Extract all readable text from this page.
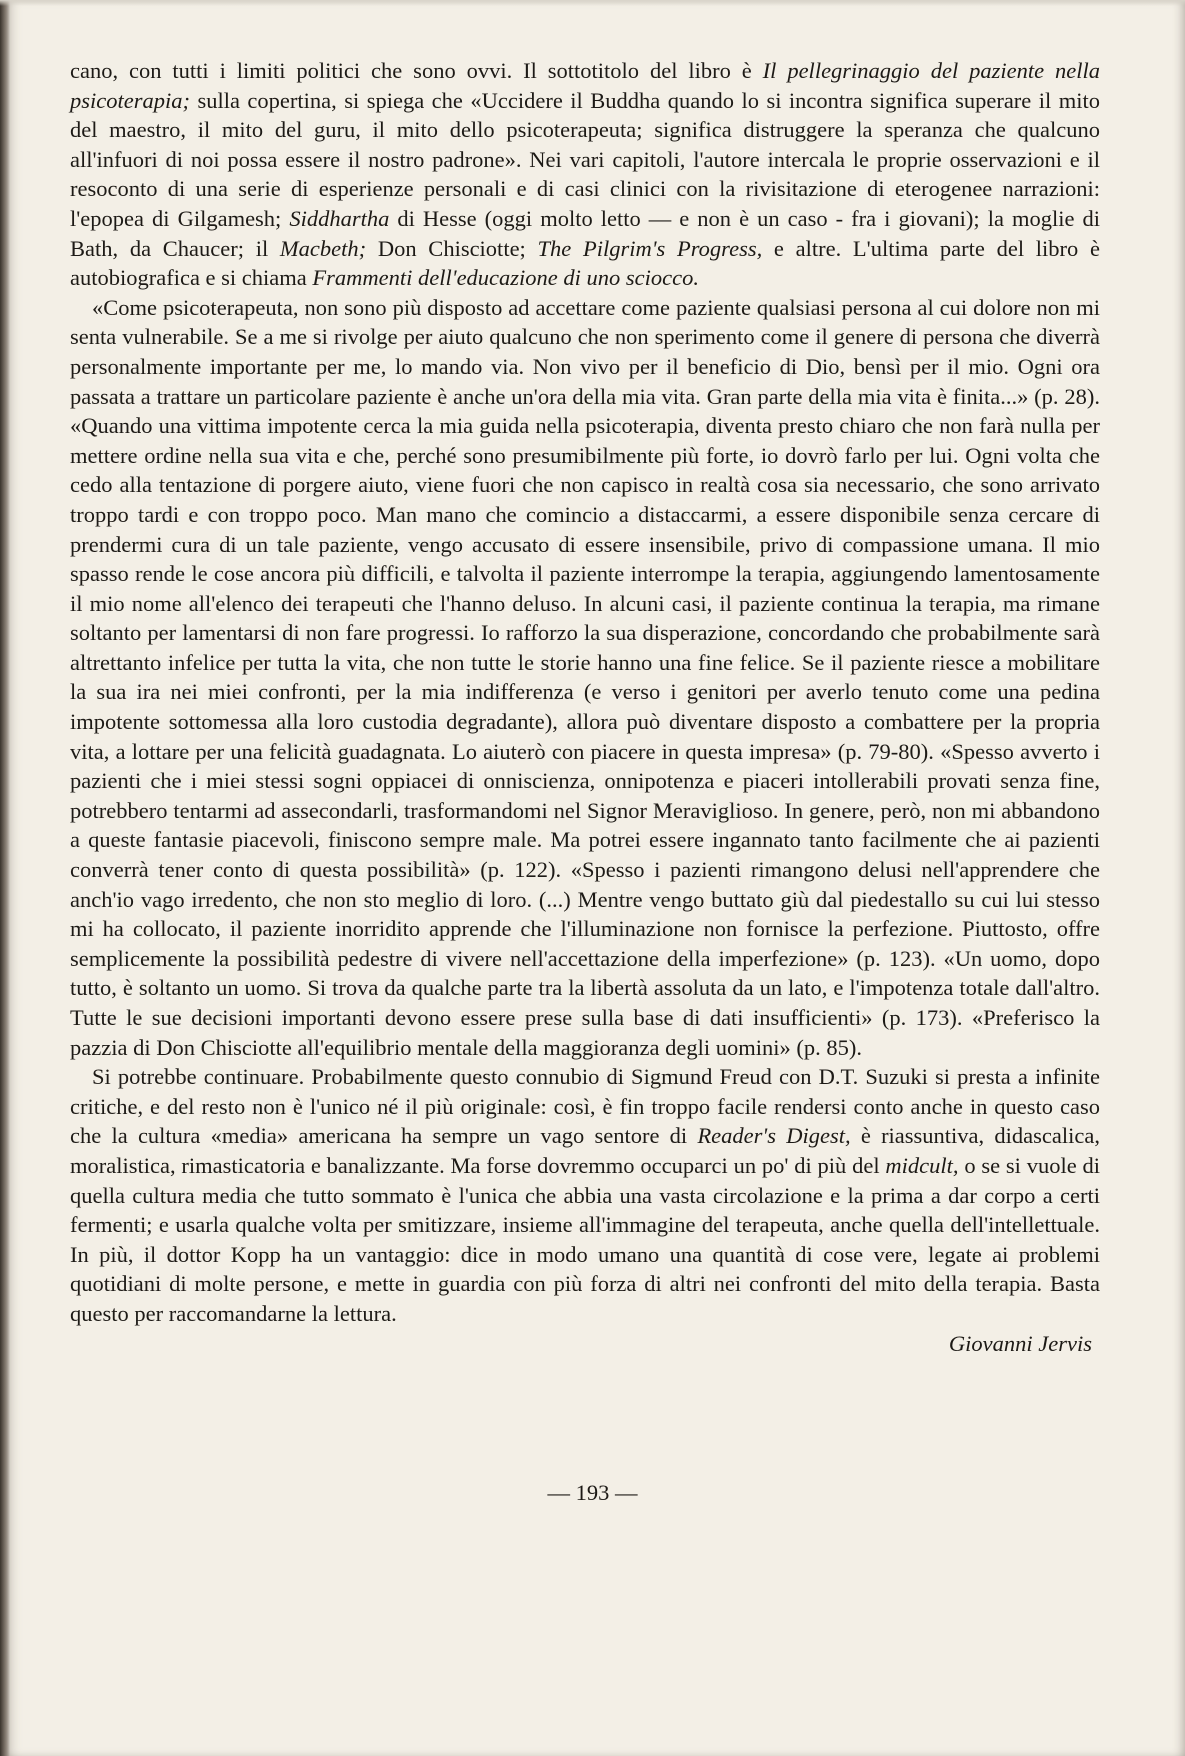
cano, con tutti i limiti politici che sono ovvi. Il sottotitolo del libro è Il pellegrinaggio del paziente nella psicoterapia; sulla copertina, si spiega che «Uccidere il Buddha quando lo si incontra significa superare il mito del maestro, il mito del guru, il mito dello psicoterapeuta; significa distruggere la speranza che qualcuno all'infuori di noi possa essere il nostro padrone». Nei vari capitoli, l'autore intercala le proprie osservazioni e il resoconto di una serie di esperienze personali e di casi clinici con la rivisitazione di eterogenee narrazioni: l'epopea di Gilgamesh; Siddhartha di Hesse (oggi molto letto — e non è un caso - fra i giovani); la moglie di Bath, da Chaucer; il Macbeth; Don Chisciotte; The Pilgrim's Progress, e altre. L'ultima parte del libro è autobiografica e si chiama Frammenti dell'educazione di uno sciocco.

«Come psicoterapeuta, non sono più disposto ad accettare come paziente qualsiasi persona al cui dolore non mi senta vulnerabile. Se a me si rivolge per aiuto qualcuno che non sperimento come il genere di persona che diverrà personalmente importante per me, lo mando via. Non vivo per il beneficio di Dio, bensì per il mio. Ogni ora passata a trattare un particolare paziente è anche un'ora della mia vita. Gran parte della mia vita è finita...» (p. 28). «Quando una vittima impotente cerca la mia guida nella psicoterapia, diventa presto chiaro che non farà nulla per mettere ordine nella sua vita e che, perché sono presumibilmente più forte, io dovrò farlo per lui. Ogni volta che cedo alla tentazione di porgere aiuto, viene fuori che non capisco in realtà cosa sia necessario, che sono arrivato troppo tardi e con troppo poco. Man mano che comincio a distaccarmi, a essere disponibile senza cercare di prendermi cura di un tale paziente, vengo accusato di essere insensibile, privo di compassione umana. Il mio spasso rende le cose ancora più difficili, e talvolta il paziente interrompe la terapia, aggiungendo lamentosamente il mio nome all'elenco dei terapeuti che l'hanno deluso. In alcuni casi, il paziente continua la terapia, ma rimane soltanto per lamentarsi di non fare progressi. Io rafforzo la sua disperazione, concordando che probabilmente sarà altrettanto infelice per tutta la vita, che non tutte le storie hanno una fine felice. Se il paziente riesce a mobilitare la sua ira nei miei confronti, per la mia indifferenza (e verso i genitori per averlo tenuto come una pedina impotente sottomessa alla loro custodia degradante), allora può diventare disposto a combattere per la propria vita, a lottare per una felicità guadagnata. Lo aiuterò con piacere in questa impresa» (p. 79-80). «Spesso avverto i pazienti che i miei stessi sogni oppiacei di onniscienza, onnipotenza e piaceri intollerabili provati senza fine, potrebbero tentarmi ad assecondarli, trasformandomi nel Signor Meraviglioso. In genere, però, non mi abbandono a queste fantasie piacevoli, finiscono sempre male. Ma potrei essere ingannato tanto facilmente che ai pazienti converrà tener conto di questa possibilità» (p. 122). «Spesso i pazienti rimangono delusi nell'apprendere che anch'io vago irredento, che non sto meglio di loro. (...) Mentre vengo buttato giù dal piedestallo su cui lui stesso mi ha collocato, il paziente inorridito apprende che l'illuminazione non fornisce la perfezione. Piuttosto, offre semplicemente la possibilità pedestre di vivere nell'accettazione della imperfezione» (p. 123). «Un uomo, dopo tutto, è soltanto un uomo. Si trova da qualche parte tra la libertà assoluta da un lato, e l'impotenza totale dall'altro. Tutte le sue decisioni importanti devono essere prese sulla base di dati insufficienti» (p. 173). «Preferisco la pazzia di Don Chisciotte all'equilibrio mentale della maggioranza degli uomini» (p. 85).

Si potrebbe continuare. Probabilmente questo connubio di Sigmund Freud con D.T. Suzuki si presta a infinite critiche, e del resto non è l'unico né il più originale: così, è fin troppo facile rendersi conto anche in questo caso che la cultura «media» americana ha sempre un vago sentore di Reader's Digest, è riassuntiva, didascalica, moralistica, rimasticatoria e banalizzante. Ma forse dovremmo occuparci un po' di più del midcult, o se si vuole di quella cultura media che tutto sommato è l'unica che abbia una vasta circolazione e la prima a dar corpo a certi fermenti; e usarla qualche volta per smitizzare, insieme all'immagine del terapeuta, anche quella dell'intellettuale. In più, il dottor Kopp ha un vantaggio: dice in modo umano una quantità di cose vere, legate ai problemi quotidiani di molte persone, e mette in guardia con più forza di altri nei confronti del mito della terapia. Basta questo per raccomandarne la lettura.

Giovanni Jervis

— 193 —
